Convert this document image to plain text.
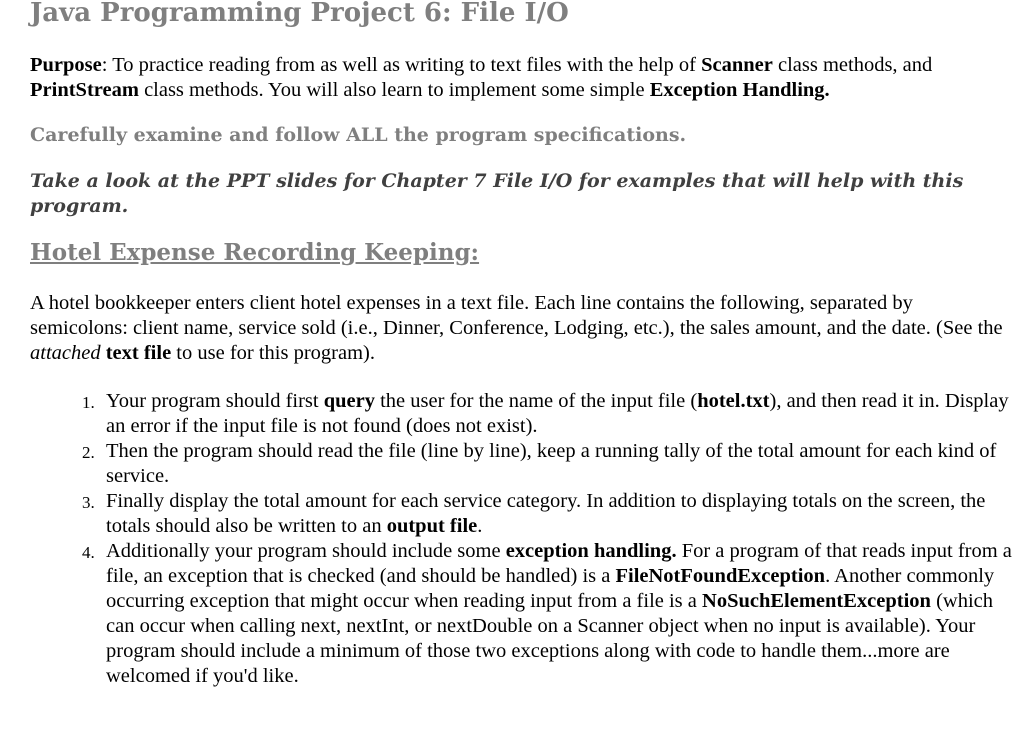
Java Programming Project 6: File I/O

Purpose: To practice reading from as well as writing to text files with the help of Scanner class methods, and PrintStream class methods. You will also learn to implement some simple Exception Handling.

Carefully examine and follow ALL the program specifications.

Take a look at the PPT slides for Chapter 7 File I/O for examples that will help with this program.

Hotel Expense Recording Keeping:

A hotel bookkeeper enters client hotel expenses in a text file. Each line contains the following, separated by semicolons: client name, service sold (i.e., Dinner, Conference, Lodging, etc.), the sales amount, and the date. (See the attached text file to use for this program).

1. Your program should first query the user for the name of the input file (hotel.txt), and then read it in. Display an error if the input file is not found (does not exist).
2. Then the program should read the file (line by line), keep a running tally of the total amount for each kind of service.
3. Finally display the total amount for each service category. In addition to displaying totals on the screen, the totals should also be written to an output file.
4. Additionally your program should include some exception handling. For a program of that reads input from a file, an exception that is checked (and should be handled) is a FileNotFoundException. Another commonly occurring exception that might occur when reading input from a file is a NoSuchElementException (which can occur when calling next, nextInt, or nextDouble on a Scanner object when no input is available). Your program should include a minimum of those two exceptions along with code to handle them...more are welcomed if you'd like.
